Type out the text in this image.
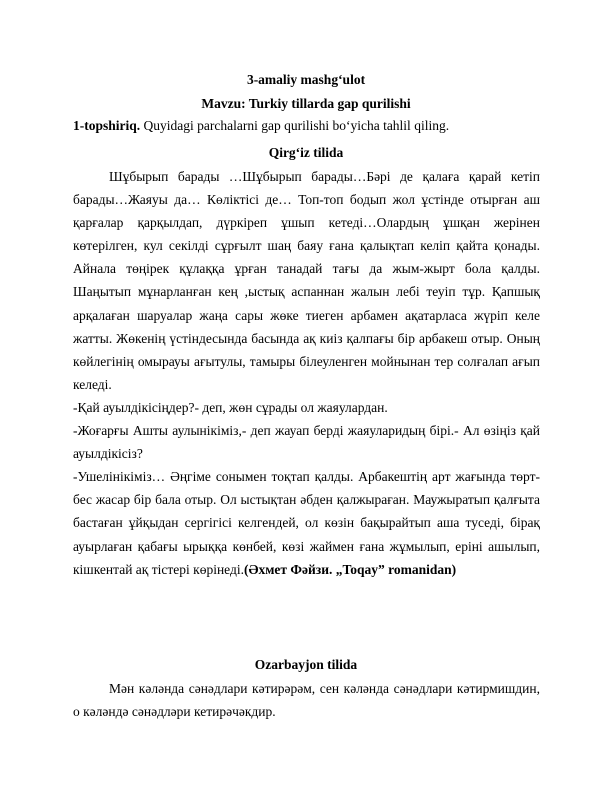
3-amaliy mashg‘ulot
Mavzu: Turkiy tillarda gap qurilishi
1-topshiriq. Quyidagi parchalarni gap qurilishi bo‘yicha tahlil qiling.
Qirg‘iz tilida

Шұбырып барады …Шұбырып барады…Бәрі де қалаға қарай кетіп барады…Жаяуы да… Көліктісі де… Топ-топ бодып жол ұстінде отырған аш қарғалар қарқылдап, дүркіреп ұшып кетеді…Олардың ұшқан жерінен көтерілген, кул секілді сұрғылт шаң баяу ғана қалықтап келіп қайта қонады. Айнала төңірек құлаққа ұрған танадай тағы да жым-жырт бола қалды. Шаңытып мұнарланған кең ,ыстық аспаннан жалын лебі теуіп тұр. Қапшық арқалаған шаруалар жаңа сары жөке тиеген арбамен ақатарласа жүріп келе жатты. Жөкенің үстіндесында басында ақ киіз қалпағы бір арбакеш отыр. Оның көйлегінің омырауы ағытулы, тамыры білеуленген мойнынан тер солғалап ағып келеді.

-Қай ауылдікісіңдер?- деп, жөн сұрады ол жаяулардан.

-Жоғарғы Ашты аулынікіміз,- деп жауап берді жаяуларидың бірі.- Ал өзіңіз қай ауылдікісіз?

-Ушелінікіміз… Әңгіме сонымен тоқтап қалды. Арбакештің арт жағында төрт-бес жасар бір бала отыр. Ол ыстықтан әбден қалжыраған. Маужыратып қалғыта бастаған ұйқыдан сергігісі келгендей, ол көзін бақырайтып аша туседі, бірақ ауырлаған қабағы ырыққа көнбей, көзі жаймен ғана жұмылып, ерінi ашылып, кішкентай ақ тістері көрінеді.(Әхмет Фәйзи. „Toqay” romanidan)

Ozarbayjon tilida

Мән кәләнда сәнәдлари кәтирәрәм, сен кәләнда сәнәдлари кәтирмишдин, о кәләндә сәнәдләри кетирәчәкдир.
